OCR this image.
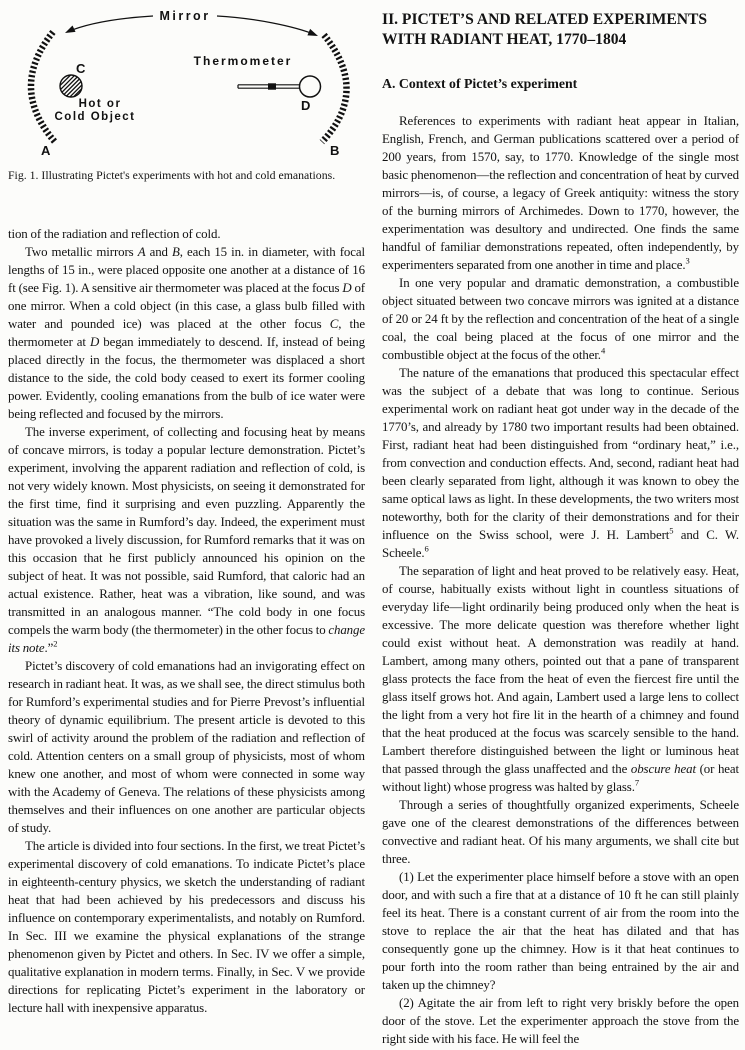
Mirror
A	B
C
Hot or
Cold Object
Thermometer
D
Fig. 1. Illustrating Pictet's experiments with hot and cold emanations.

tion of the radiation and reflection of cold.

Two metallic mirrors A and B, each 15 in. in diameter, with focal lengths of 15 in., were placed opposite one another at a distance of 16 ft (see Fig. 1). A sensitive air thermometer was placed at the focus D of one mirror. When a cold object (in this case, a glass bulb filled with water and pounded ice) was placed at the other focus C, the thermometer at D began immediately to descend. If, instead of being placed directly in the focus, the thermometer was displaced a short distance to the side, the cold body ceased to exert its former cooling power. Evidently, cooling emanations from the bulb of ice water were being reflected and focused by the mirrors.

The inverse experiment, of collecting and focusing heat by means of concave mirrors, is today a popular lecture demonstration. Pictet’s experiment, involving the apparent radiation and reflection of cold, is not very widely known. Most physicists, on seeing it demonstrated for the first time, find it surprising and even puzzling. Apparently the situation was the same in Rumford’s day. Indeed, the experiment must have provoked a lively discussion, for Rumford remarks that it was on this occasion that he first publicly announced his opinion on the subject of heat. It was not possible, said Rumford, that caloric had an actual existence. Rather, heat was a vibration, like sound, and was transmitted in an analogous manner. “The cold body in one focus compels the warm body (the thermometer) in the other focus to change its note.”$^2$

Pictet’s discovery of cold emanations had an invigorating effect on research in radiant heat. It was, as we shall see, the direct stimulus both for Rumford’s experimental studies and for Pierre Prevost’s influential theory of dynamic equilibrium. The present article is devoted to this swirl of activity around the problem of the radiation and reflection of cold. Attention centers on a small group of physicists, most of whom knew one another, and most of whom were connected in some way with the Academy of Geneva. The relations of these physicists among themselves and their influences on one another are particular objects of study.

The article is divided into four sections. In the first, we treat Pictet’s experimental discovery of cold emanations. To indicate Pictet’s place in eighteenth-century physics, we sketch the understanding of radiant heat that had been achieved by his predecessors and discuss his influence on contemporary experimentalists, and notably on Rumford. In Sec. III we examine the physical explanations of the strange phenomenon given by Pictet and others. In Sec. IV we offer a simple, qualitative explanation in modern terms. Finally, in Sec. V we provide directions for replicating Pictet’s experiment in the laboratory or lecture hall with inexpensive apparatus.

II. PICTET’S AND RELATED EXPERIMENTS WITH RADIANT HEAT, 1770–1804
A. Context of Pictet’s experiment

References to experiments with radiant heat appear in Italian, English, French, and German publications scattered over a period of 200 years, from 1570, say, to 1770. Knowledge of the single most basic phenomenon—the reflection and concentration of heat by curved mirrors—is, of course, a legacy of Greek antiquity: witness the story of the burning mirrors of Archimedes. Down to 1770, however, the experimentation was desultory and undirected. One finds the same handful of familiar demonstrations repeated, often independently, by experimenters separated from one another in time and place.$^3$

In one very popular and dramatic demonstration, a combustible object situated between two concave mirrors was ignited at a distance of 20 or 24 ft by the reflection and concentration of the heat of a single coal, the coal being placed at the focus of one mirror and the combustible object at the focus of the other.$^4$

The nature of the emanations that produced this spectacular effect was the subject of a debate that was long to continue. Serious experimental work on radiant heat got under way in the decade of the 1770’s, and already by 1780 two important results had been obtained. First, radiant heat had been distinguished from “ordinary heat,” i.e., from convection and conduction effects. And, second, radiant heat had been clearly separated from light, although it was known to obey the same optical laws as light. In these developments, the two writers most noteworthy, both for the clarity of their demonstrations and for their influence on the Swiss school, were J. H. Lambert$^5$ and C. W. Scheele.$^6$

The separation of light and heat proved to be relatively easy. Heat, of course, habitually exists without light in countless situations of everyday life—light ordinarily being produced only when the heat is excessive. The more delicate question was therefore whether light could exist without heat. A demonstration was readily at hand. Lambert, among many others, pointed out that a pane of transparent glass protects the face from the heat of even the fiercest fire until the glass itself grows hot. And again, Lambert used a large lens to collect the light from a very hot fire lit in the hearth of a chimney and found that the heat produced at the focus was scarcely sensible to the hand. Lambert therefore distinguished between the light or luminous heat that passed through the glass unaffected and the obscure heat (or heat without light) whose progress was halted by glass.$^7$

Through a series of thoughtfully organized experiments, Scheele gave one of the clearest demonstrations of the differences between convective and radiant heat. Of his many arguments, we shall cite but three.

(1) Let the experimenter place himself before a stove with an open door, and with such a fire that at a distance of 10 ft he can still plainly feel its heat. There is a constant current of air from the room into the stove to replace the air that the heat has dilated and that has consequently gone up the chimney. How is it that heat continues to pour forth into the room rather than being entrained by the air and taken up the chimney?

(2) Agitate the air from left to right very briskly before the open door of the stove. Let the experimenter approach the stove from the right side with his face. He will feel the
